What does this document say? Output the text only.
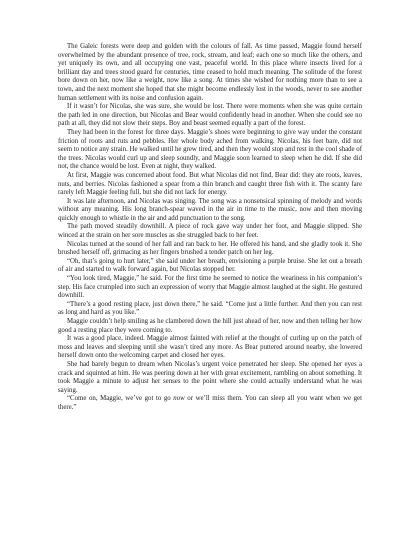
The Galeic forests were deep and golden with the colours of fall. As time passed, Maggie found herself overwhelmed by the abundant presence of tree, rock, stream, and leaf; each one so much like the others, and yet uniquely its own, and all occupying one vast, peaceful world. In this place where insects lived for a brilliant day and trees stood guard for centuries, time ceased to hold much meaning. The solitude of the forest bore down on her, now like a weight, now like a song. At times she wished for nothing more than to see a town, and the next moment she hoped that she might become endlessly lost in the woods, never to see another human settlement with its noise and confusion again.

If it wasn’t for Nicolas, she was sure, she would be lost. There were moments when she was quite certain the path led in one direction, but Nicolas and Bear would confidently head in another. When she could see no path at all, they did not slow their steps. Boy and beast seemed equally a part of the forest.

They had been in the forest for three days. Maggie’s shoes were beginning to give way under the constant friction of roots and ruts and pebbles. Her whole body ached from walking. Nicolas, his feet bare, did not seem to notice any strain. He walked until he grew tired, and then they would stop and rest in the cool shade of the trees. Nicolas would curl up and sleep soundly, and Maggie soon learned to sleep when he did. If she did not, the chance would be lost. Even at night, they walked.

At first, Maggie was concerned about food. But what Nicolas did not find, Bear did: they ate roots, leaves, nuts, and berries. Nicolas fashioned a spear from a thin branch and caught three fish with it. The scanty fare rarely left Maggie feeling full, but she did not lack for energy.

It was late afternoon, and Nicolas was singing. The song was a nonsensical spinning of melody and words without any meaning. His long branch-spear waved in the air in time to the music, now and then moving quickly enough to whistle in the air and add punctuation to the song.

The path moved steadily downhill. A piece of rock gave way under her foot, and Maggie slipped. She winced at the strain on her sore muscles as she struggled back to her feet.

Nicolas turned at the sound of her fall and ran back to her. He offered his hand, and she gladly took it. She brushed herself off, grimacing as her fingers brushed a tender patch on her leg.

“Oh, that’s going to hurt later,” she said under her breath, envisioning a purple bruise. She let out a breath of air and started to walk forward again, but Nicolas stopped her.

“You look tired, Maggie,” he said. For the first time he seemed to notice the weariness in his companion’s step. His face crumpled into such an expression of worry that Maggie almost laughed at the sight. He gestured downhill.

“There’s a good resting place, just down there,” he said. “Come just a little further. And then you can rest as long and hard as you like.”

Maggie couldn’t help smiling as he clambered down the hill just ahead of her, now and then telling her how good a resting place they were coming to.

It was a good place, indeed. Maggie almost fainted with relief at the thought of curling up on the patch of moss and leaves and sleeping until she wasn’t tired any more. As Bear puttered around nearby, she lowered herself down onto the welcoming carpet and closed her eyes.

She had barely begun to dream when Nicolas’s urgent voice penetrated her sleep. She opened her eyes a crack and squinted at him. He was peering down at her with great excitement, rambling on about something. It took Maggie a minute to adjust her senses to the point where she could actually understand what he was saying.

“Come on, Maggie, we’ve got to go now or we’ll miss them. You can sleep all you want when we get there.”
